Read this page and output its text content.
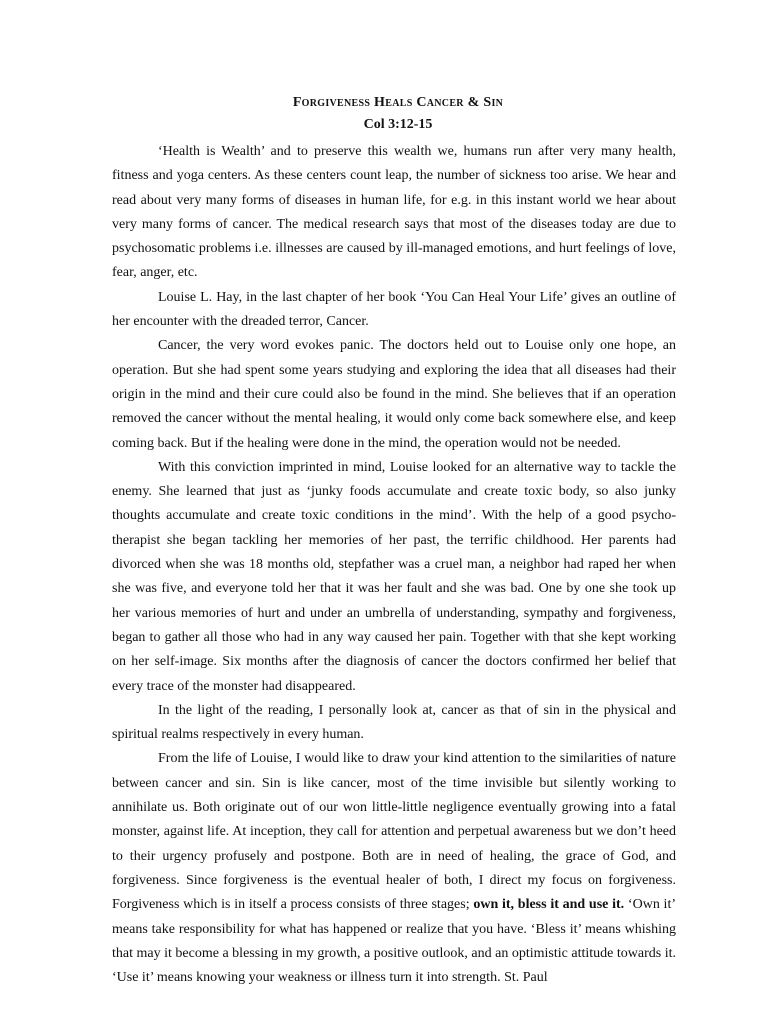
Forgiveness Heals Cancer & Sin
Col 3:12-15

‘Health is Wealth’ and to preserve this wealth we, humans run after very many health, fitness and yoga centers. As these centers count leap, the number of sickness too arise. We hear and read about very many forms of diseases in human life, for e.g. in this instant world we hear about very many forms of cancer. The medical research says that most of the diseases today are due to psychosomatic problems i.e. illnesses are caused by ill-managed emotions, and hurt feelings of love, fear, anger, etc.

Louise L. Hay, in the last chapter of her book ‘You Can Heal Your Life’ gives an outline of her encounter with the dreaded terror, Cancer.

Cancer, the very word evokes panic. The doctors held out to Louise only one hope, an operation. But she had spent some years studying and exploring the idea that all diseases had their origin in the mind and their cure could also be found in the mind. She believes that if an operation removed the cancer without the mental healing, it would only come back somewhere else, and keep coming back. But if the healing were done in the mind, the operation would not be needed.

With this conviction imprinted in mind, Louise looked for an alternative way to tackle the enemy. She learned that just as ‘junky foods accumulate and create toxic body, so also junky thoughts accumulate and create toxic conditions in the mind’. With the help of a good psycho-therapist she began tackling her memories of her past, the terrific childhood. Her parents had divorced when she was 18 months old, stepfather was a cruel man, a neighbor had raped her when she was five, and everyone told her that it was her fault and she was bad. One by one she took up her various memories of hurt and under an umbrella of understanding, sympathy and forgiveness, began to gather all those who had in any way caused her pain. Together with that she kept working on her self-image. Six months after the diagnosis of cancer the doctors confirmed her belief that every trace of the monster had disappeared.

In the light of the reading, I personally look at, cancer as that of sin in the physical and spiritual realms respectively in every human.

From the life of Louise, I would like to draw your kind attention to the similarities of nature between cancer and sin. Sin is like cancer, most of the time invisible but silently working to annihilate us. Both originate out of our won little-little negligence eventually growing into a fatal monster, against life. At inception, they call for attention and perpetual awareness but we don’t heed to their urgency profusely and postpone. Both are in need of healing, the grace of God, and forgiveness. Since forgiveness is the eventual healer of both, I direct my focus on forgiveness. Forgiveness which is in itself a process consists of three stages; own it, bless it and use it. ‘Own it’ means take responsibility for what has happened or realize that you have. ‘Bless it’ means whishing that may it become a blessing in my growth, a positive outlook, and an optimistic attitude towards it. ‘Use it’ means knowing your weakness or illness turn it into strength. St. Paul
